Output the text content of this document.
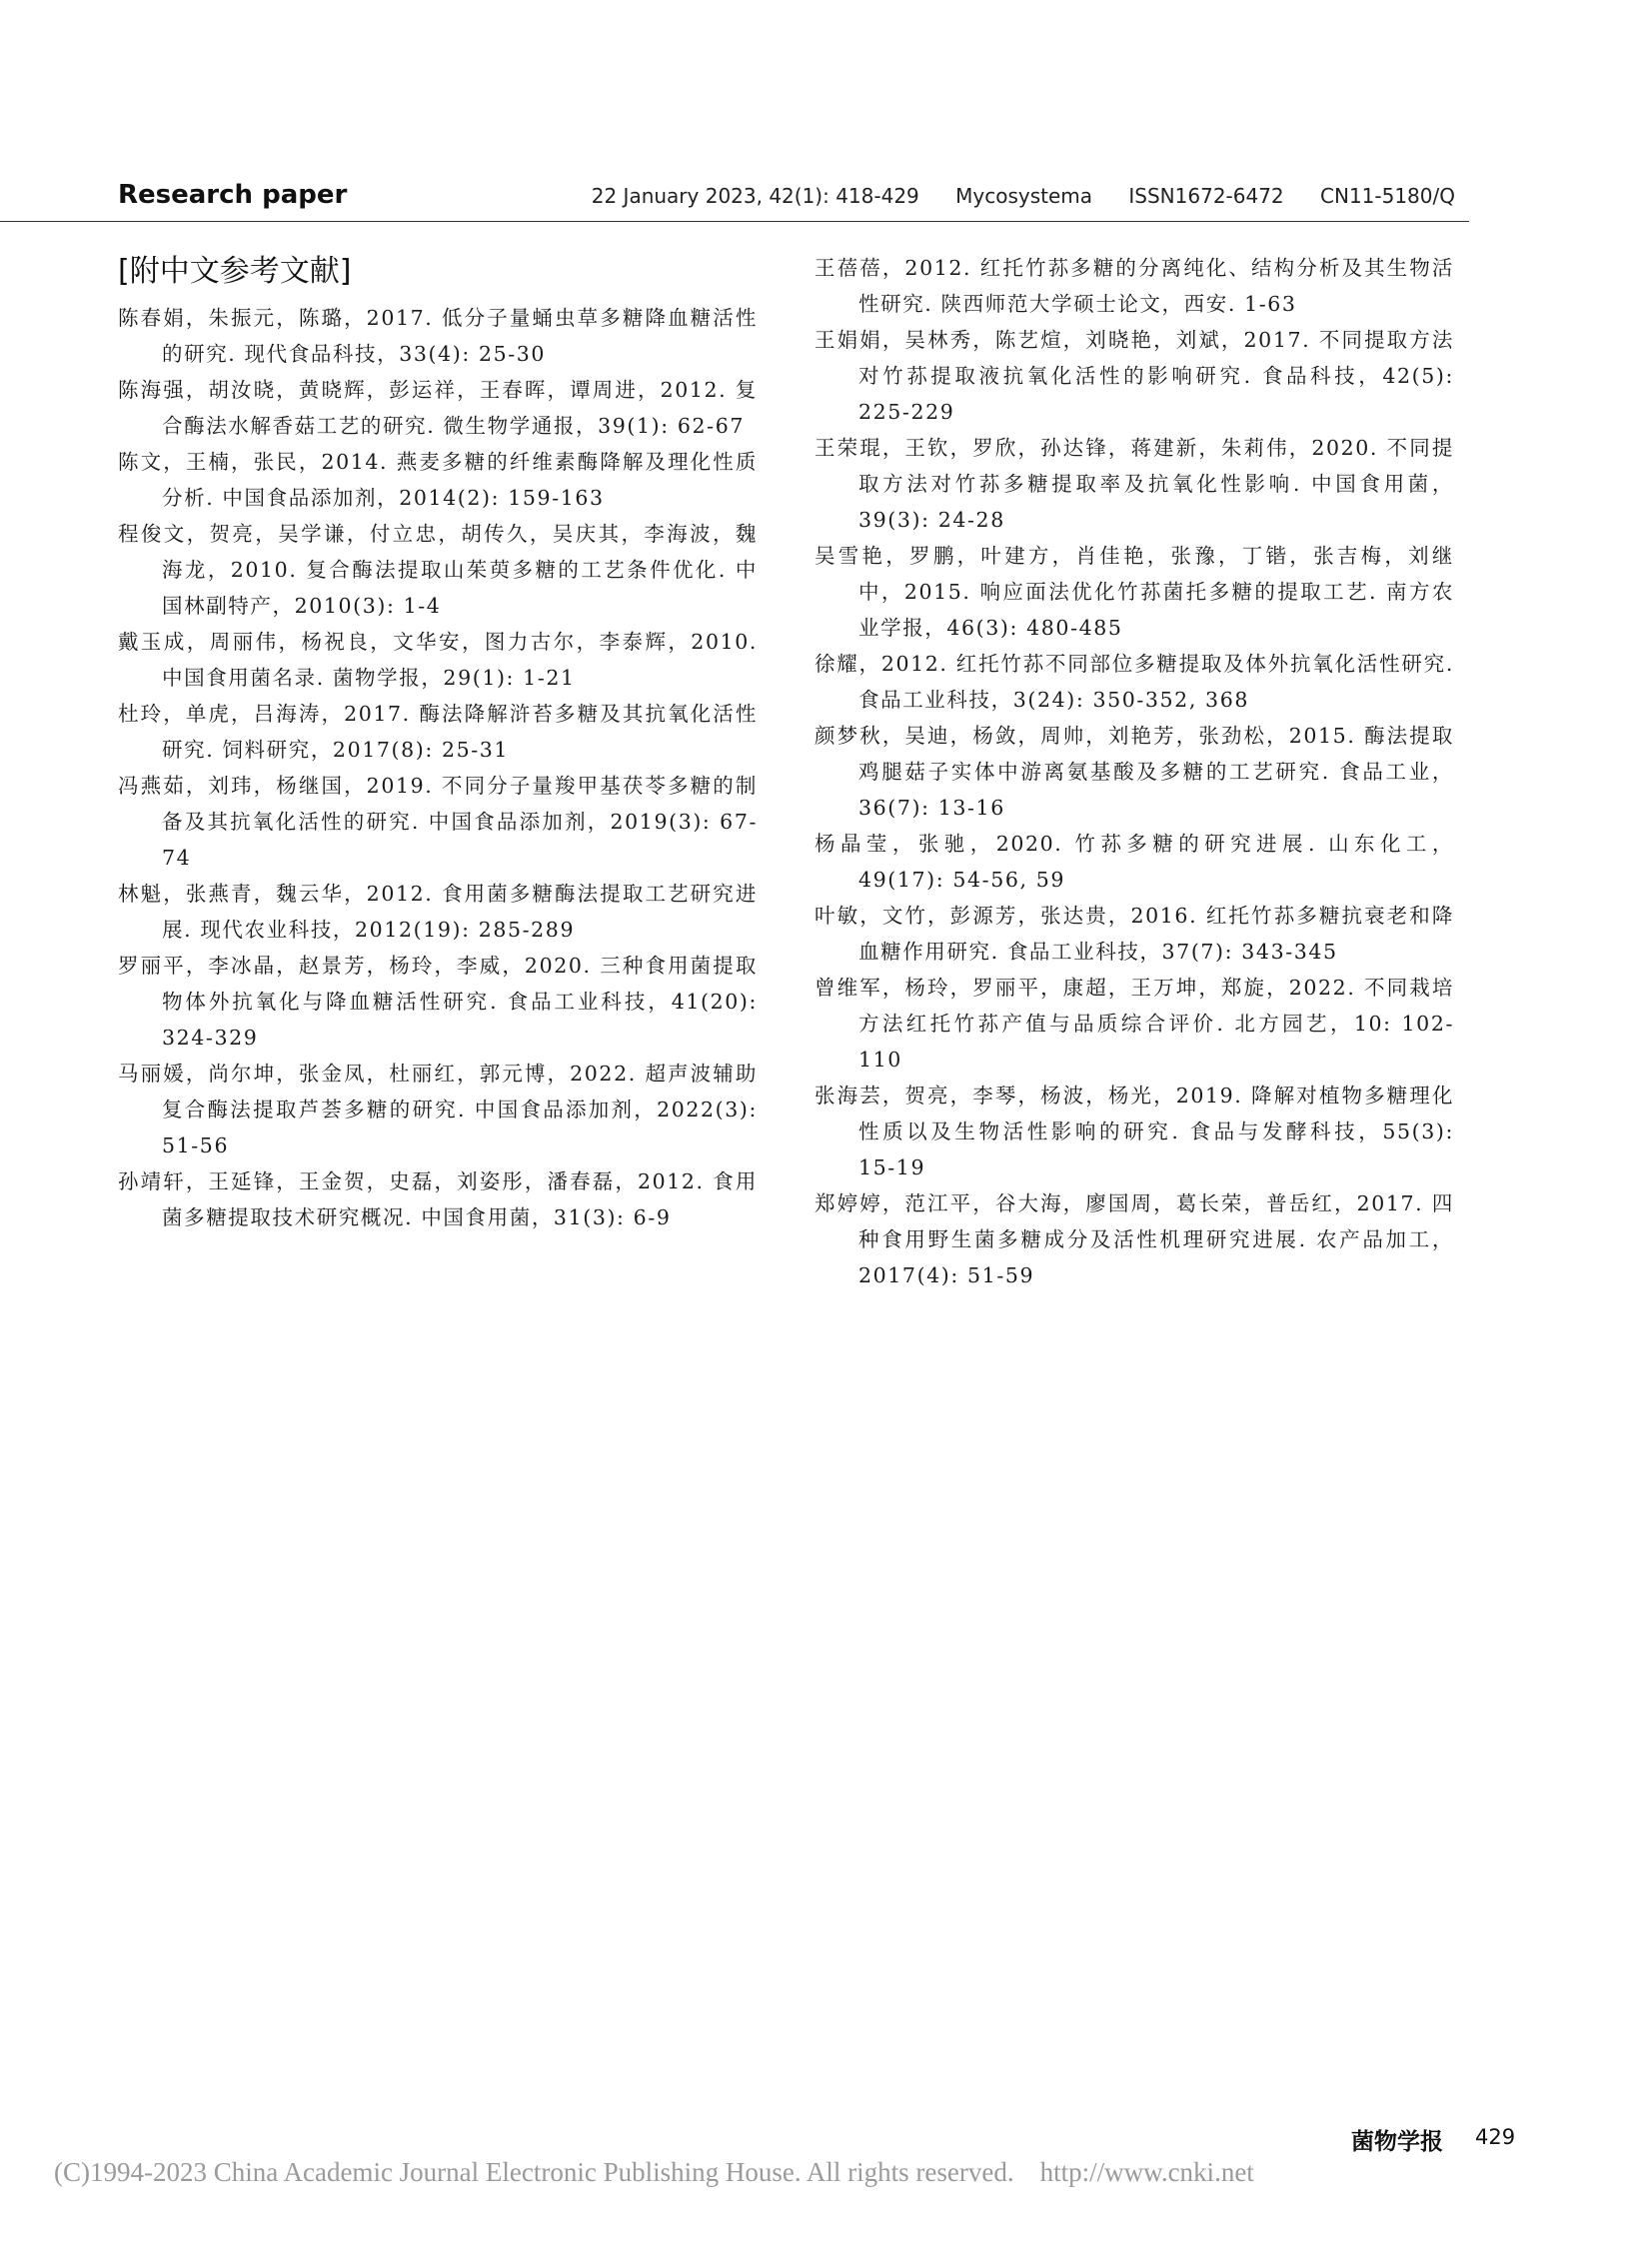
Research paper	22 January 2023, 42(1): 418-429 Mycosystema ISSN1672-6472 CN11-5180/Q
[附中文参考文献]

陈春娟，朱振元，陈璐，2017. 低分子量蛹虫草多糖降血糖活性的研究. 现代食品科技，33(4): 25-30

陈海强，胡汝晓，黄晓辉，彭运祥，王春晖，谭周进，2012. 复合酶法水解香菇工艺的研究. 微生物学通报，39(1): 62-67

陈文，王楠，张民，2014. 燕麦多糖的纤维素酶降解及理化性质分析. 中国食品添加剂，2014(2): 159-163

程俊文，贺亮，吴学谦，付立忠，胡传久，吴庆其，李海波，魏海龙，2010. 复合酶法提取山茱萸多糖的工艺条件优化. 中国林副特产，2010(3): 1-4

戴玉成，周丽伟，杨祝良，文华安，图力古尔，李泰辉，2010. 中国食用菌名录. 菌物学报，29(1): 1-21

杜玲，单虎，吕海涛，2017. 酶法降解浒苔多糖及其抗氧化活性研究. 饲料研究，2017(8): 25-31

冯燕茹，刘玮，杨继国，2019. 不同分子量羧甲基茯苓多糖的制备及其抗氧化活性的研究. 中国食品添加剂，2019(3): 67-74

林魁，张燕青，魏云华，2012. 食用菌多糖酶法提取工艺研究进展. 现代农业科技，2012(19): 285-289

罗丽平，李冰晶，赵景芳，杨玲，李威，2020. 三种食用菌提取物体外抗氧化与降血糖活性研究. 食品工业科技，41(20): 324-329

马丽媛，尚尔坤，张金凤，杜丽红，郭元博，2022. 超声波辅助复合酶法提取芦荟多糖的研究. 中国食品添加剂，2022(3): 51-56

孙靖轩，王延锋，王金贺，史磊，刘姿彤，潘春磊，2012. 食用菌多糖提取技术研究概况. 中国食用菌，31(3): 6-9

王蓓蓓，2012. 红托竹荪多糖的分离纯化、结构分析及其生物活性研究. 陕西师范大学硕士论文，西安. 1-63

王娟娟，吴林秀，陈艺煊，刘晓艳，刘斌，2017. 不同提取方法对竹荪提取液抗氧化活性的影响研究. 食品科技，42(5): 225-229

王荣琨，王钦，罗欣，孙达锋，蒋建新，朱莉伟，2020. 不同提取方法对竹荪多糖提取率及抗氧化性影响. 中国食用菌，39(3): 24-28

吴雪艳，罗鹏，叶建方，肖佳艳，张豫，丁锴，张吉梅，刘继中，2015. 响应面法优化竹荪菌托多糖的提取工艺. 南方农业学报，46(3): 480-485

徐耀，2012. 红托竹荪不同部位多糖提取及体外抗氧化活性研究. 食品工业科技，3(24): 350-352, 368

颜梦秋，吴迪，杨敛，周帅，刘艳芳，张劲松，2015. 酶法提取鸡腿菇子实体中游离氨基酸及多糖的工艺研究. 食品工业，36(7): 13-16

杨晶莹，张驰，2020. 竹荪多糖的研究进展. 山东化工，49(17): 54-56, 59

叶敏，文竹，彭源芳，张达贵，2016. 红托竹荪多糖抗衰老和降血糖作用研究. 食品工业科技，37(7): 343-345

曾维军，杨玲，罗丽平，康超，王万坤，郑旋，2022. 不同栽培方法红托竹荪产值与品质综合评价. 北方园艺，10: 102-110

张海芸，贺亮，李琴，杨波，杨光，2019. 降解对植物多糖理化性质以及生物活性影响的研究. 食品与发酵科技，55(3): 15-19

郑婷婷，范江平，谷大海，廖国周，葛长荣，普岳红，2017. 四种食用野生菌多糖成分及活性机理研究进展. 农产品加工，2017(4): 51-59

菌物学报 429
(C)1994-2023 China Academic Journal Electronic Publishing House. All rights reserved. http://www.cnki.net
